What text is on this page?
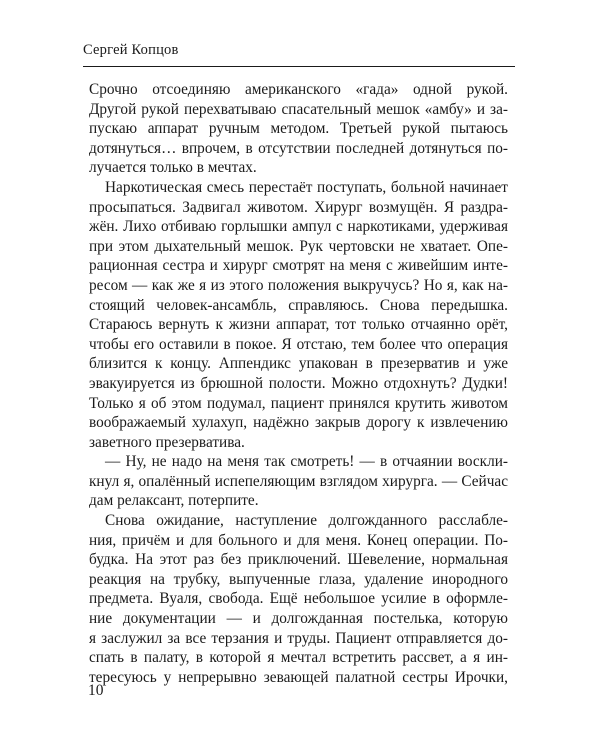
Сергей Копцов
Срочно отсоединяю американского «гада» одной рукой.
Другой рукой перехватываю спасательный мешок «амбу» и за-
пускаю аппарат ручным методом. Третьей рукой пытаюсь
дотянуться… впрочем, в отсутствии последней дотянуться по-
лучается только в мечтах.
Наркотическая смесь перестаёт поступать, больной начинает
просыпаться. Задвигал животом. Хирург возмущён. Я раздра-
жён. Лихо отбиваю горлышки ампул с наркотиками, удерживая
при этом дыхательный мешок. Рук чертовски не хватает. Опе-
рационная сестра и хирург смотрят на меня с живейшим инте-
ресом — как же я из этого положения выкручусь? Но я, как на-
стоящий человек-ансамбль, справляюсь. Снова передышка.
Стараюсь вернуть к жизни аппарат, тот только отчаянно орёт,
чтобы его оставили в покое. Я отстаю, тем более что операция
близится к концу. Аппендикс упакован в презерватив и уже
эвакуируется из брюшной полости. Можно отдохнуть? Дудки!
Только я об этом подумал, пациент принялся крутить животом
воображаемый хулахуп, надёжно закрыв дорогу к извлечению
заветного презерватива.
— Ну, не надо на меня так смотреть! — в отчаянии воскли-
кнул я, опалённый испепеляющим взглядом хирурга. — Сейчас
дам релаксант, потерпите.
Снова ожидание, наступление долгожданного расслабле-
ния, причём и для больного и для меня. Конец операции. По-
будка. На этот раз без приключений. Шевеление, нормальная
реакция на трубку, выпученные глаза, удаление инородного
предмета. Вуаля, свобода. Ещё небольшое усилие в оформле-
ние документации — и долгожданная постелька, которую
я заслужил за все терзания и труды. Пациент отправляется до-
спать в палату, в которой я мечтал встретить рассвет, а я ин-
тересуюсь у непрерывно зевающей палатной сестры Ирочки,
10
